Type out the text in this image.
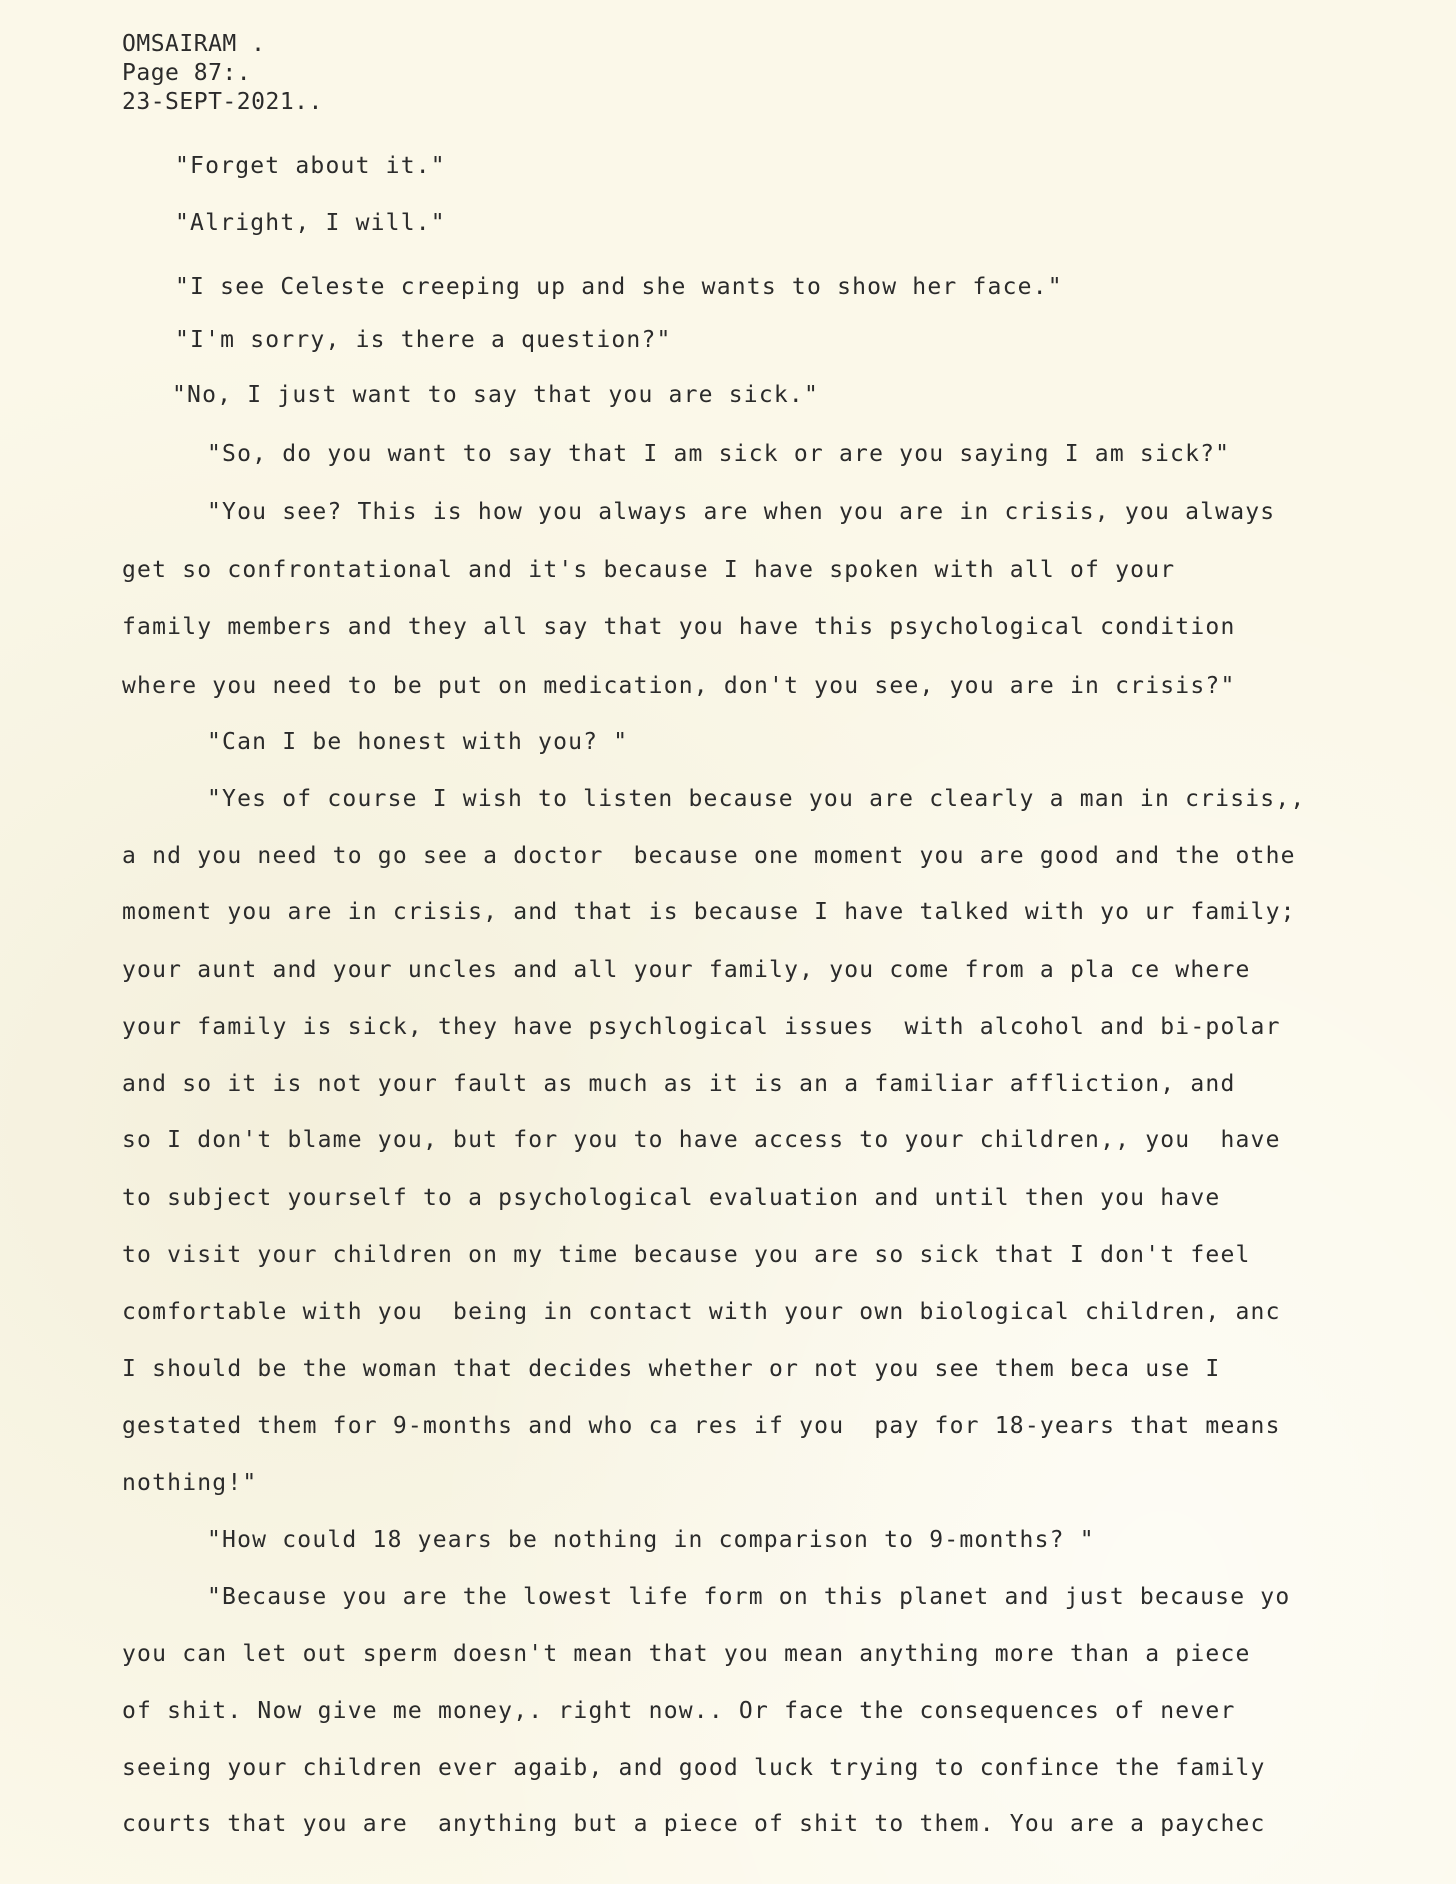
OMSAIRAM .
Page 87:.
23-SEPT-2021..
"Forget about it."
"Alright, I will."
"I see Celeste creeping up and she wants to show her face."
"I'm sorry, is there a question?"
"No, I just want to say that you are sick."
"So, do you want to say that I am sick or are you saying I am sick?"
"You see? This is how you always are when you are in crisis, you always
get so confrontational and it's because I have spoken with all of your
family members and they all say that you have this psychological condition
where you need to be put on medication, don't you see, you are in crisis?"
"Can I be honest with you? "
"Yes of course I wish to listen because you are clearly a man in crisis,,
a nd you need to go see a doctor  because one moment you are good and the othe
moment you are in crisis, and that is because I have talked with yo ur family;
your aunt and your uncles and all your family, you come from a pla ce where
your family is sick, they have psychlogical issues  with alcohol and bi-polar
and so it is not your fault as much as it is an a familiar affliction, and
so I don't blame you, but for you to have access to your children,, you  have
to subject yourself to a psychological evaluation and until then you have
to visit your children on my time because you are so sick that I don't feel
comfortable with you  being in contact with your own biological children, anc
I should be the woman that decides whether or not you see them beca use I
gestated them for 9-months and who ca res if you  pay for 18-years that means
nothing!"
"How could 18 years be nothing in comparison to 9-months? "
"Because you are the lowest life form on this planet and just because yo
you can let out sperm doesn't mean that you mean anything more than a piece
of shit. Now give me money,. right now.. Or face the consequences of never
seeing your children ever agaib, and good luck trying to confince the family
courts that you are  anything but a piece of shit to them. You are a paychec
